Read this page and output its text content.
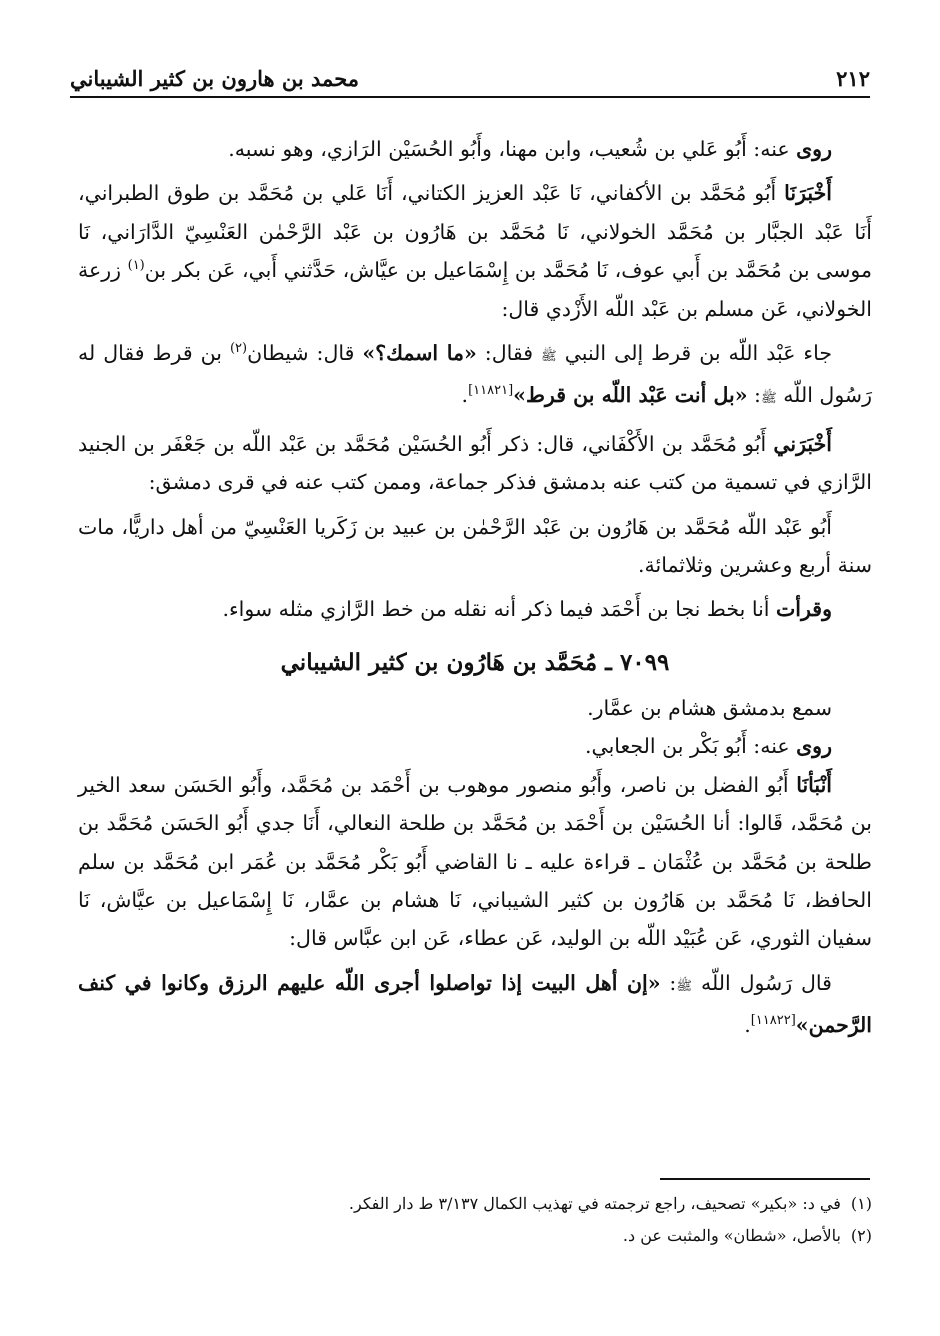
٢١٢
محمد بن هارون بن كثير الشيباني

روى عنه: أَبُو عَلي بن شُعيب، وابن مهنا، وأَبُو الحُسَيْن الرَازي، وهو نسبه.

أَخْبَرَنَا أَبُو مُحَمَّد بن الأكفاني، نَا عَبْد العزيز الكتاني، أَنَا عَلي بن مُحَمَّد بن طوق الطبراني، أَنَا عَبْد الجبَّار بن مُحَمَّد الخولاني، نَا مُحَمَّد بن هَارُون بن عَبْد الرَّحْمٰن العَنْسِيّ الدَّارَاني، نَا موسى بن مُحَمَّد بن أَبي عوف، نَا مُحَمَّد بن إِسْمَاعيل بن عيَّاش، حَدَّثني أَبي، عَن بكر بن$^{(١)}$ زرعة الخولاني، عَن مسلم بن عَبْد اللّه الأَزْدي قال:

جاء عَبْد اللّه بن قرط إلى النبي ﷺ فقال: «ما اسمك؟» قال: شيطان$^{(٢)}$ بن قرط فقال له رَسُول اللّه ﷺ: «بل أنت عَبْد اللّه بن قرط»[١١٨٢١].

أَخْبَرَني أَبُو مُحَمَّد بن الأَكْفَاني، قال: ذكر أَبُو الحُسَيْن مُحَمَّد بن عَبْد اللّه بن جَعْفَر بن الجنيد الرَّازي في تسمية من كتب عنه بدمشق فذكر جماعة، وممن كتب عنه في قرى دمشق:

أَبُو عَبْد اللّه مُحَمَّد بن هَارُون بن عَبْد الرَّحْمٰن بن عبيد بن زَكَريا العَنْسِيّ من أهل داريًّا، مات سنة أربع وعشرين وثلاثمائة.

وقرأت أنا بخط نجا بن أَحْمَد فيما ذكر أنه نقله من خط الرَّازي مثله سواء.

٧٠٩٩ ـ مُحَمَّد بن هَارُون بن كثير الشيباني

سمع بدمشق هشام بن عمَّار.

روى عنه: أَبُو بَكْر بن الجعابي.

أَنْبَأنَا أَبُو الفضل بن ناصر، وأَبُو منصور موهوب بن أَحْمَد بن مُحَمَّد، وأَبُو الحَسَن سعد الخير بن مُحَمَّد، قَالوا: أنا الحُسَيْن بن أَحْمَد بن مُحَمَّد بن طلحة النعالي، أَنَا جدي أَبُو الحَسَن مُحَمَّد بن طلحة بن مُحَمَّد بن عُثْمَان ـ قراءة عليه ـ نا القاضي أَبُو بَكْر مُحَمَّد بن عُمَر ابن مُحَمَّد بن سلم الحافظ، نَا مُحَمَّد بن هَارُون بن كثير الشيباني، نَا هشام بن عمَّار، نَا إِسْمَاعيل بن عيَّاش، نَا سفيان الثوري، عَن عُبَيْد اللّه بن الوليد، عَن عطاء، عَن ابن عبَّاس قال:

قال رَسُول اللّه ﷺ: «إن أهل البيت إذا تواصلوا أجرى اللّه عليهم الرزق وكانوا في كنف الرَّحمن»[١١٨٢٢].

(١)في د: «بكير» تصحيف، راجع ترجمته في تهذيب الكمال ٣/١٣٧ ط دار الفكر.

(٢)بالأصل، «شطان» والمثبت عن د.
